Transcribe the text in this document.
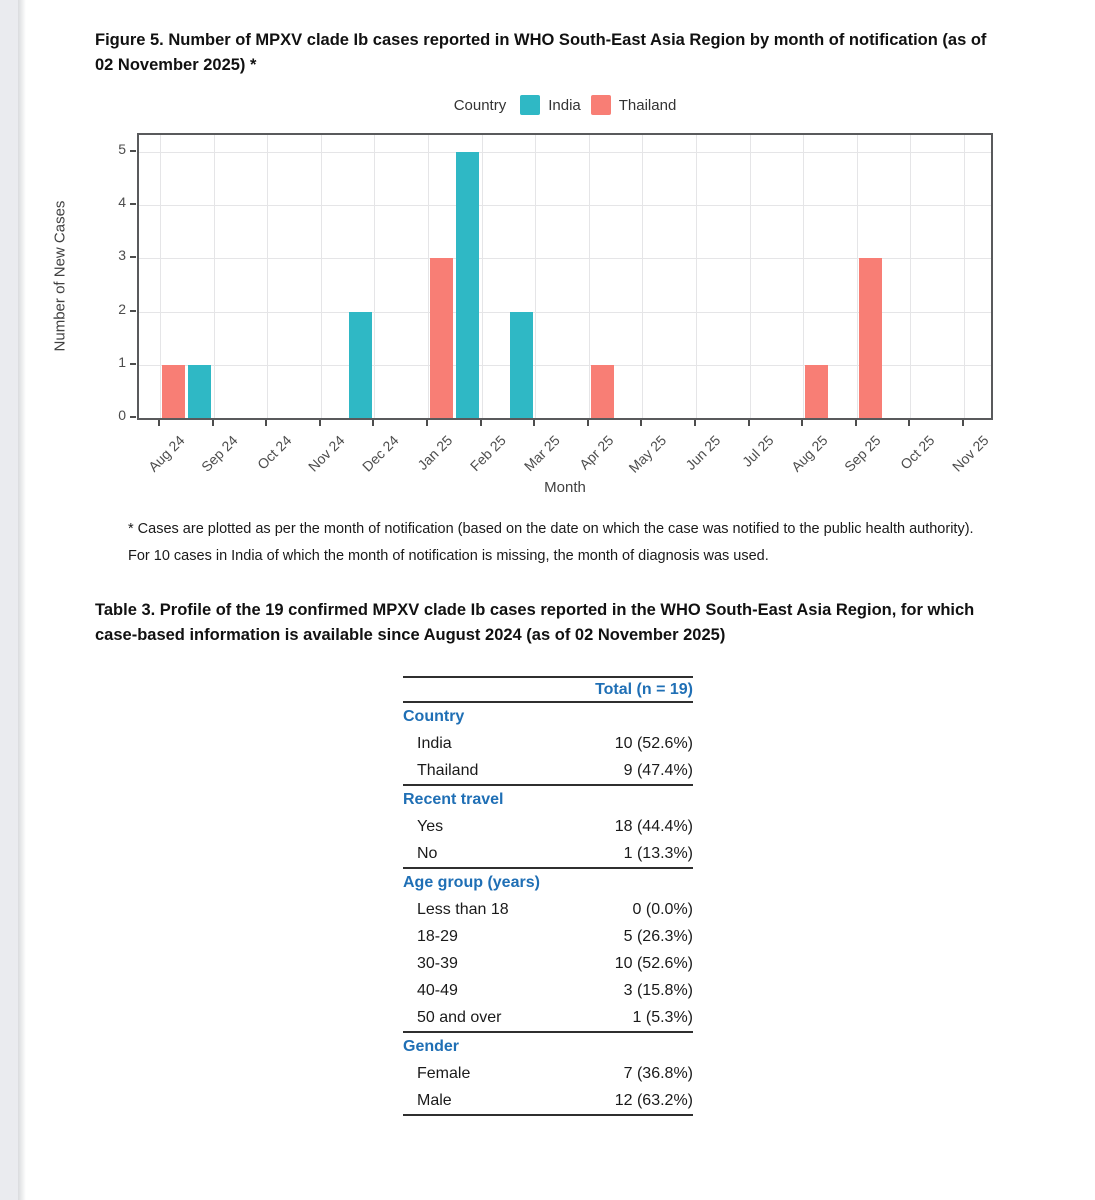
Figure 5. Number of MPXV clade Ib cases reported in WHO South-East Asia Region by month of notification (as of 02 November 2025) *
Country	India	Thailand
Number of New Cases
0
1
2
3
4
5
Aug 24 Sep 24 Oct 24 Nov 24 Dec 24 Jan 25 Feb 25 Mar 25 Apr 25 May 25 Jun 25 Jul 25 Aug 25 Sep 25 Oct 25 Nov 25
Month
* Cases are plotted as per the month of notification (based on the date on which the case was notified to the public health authority).
For 10 cases in India of which the month of notification is missing, the month of diagnosis was used.
Table 3. Profile of the 19 confirmed MPXV clade Ib cases reported in the WHO South-East Asia Region, for which case-based information is available since August 2024 (as of 02 November 2025)
Total (n = 19)
Country
India	10 (52.6%)
Thailand	9 (47.4%)
Recent travel
Yes	18 (44.4%)
No	1 (13.3%)
Age group (years)
Less than 18	0 (0.0%)
18-29	5 (26.3%)
30-39	10 (52.6%)
40-49	3 (15.8%)
50 and over	1 (5.3%)
Gender
Female	7 (36.8%)
Male	12 (63.2%)
